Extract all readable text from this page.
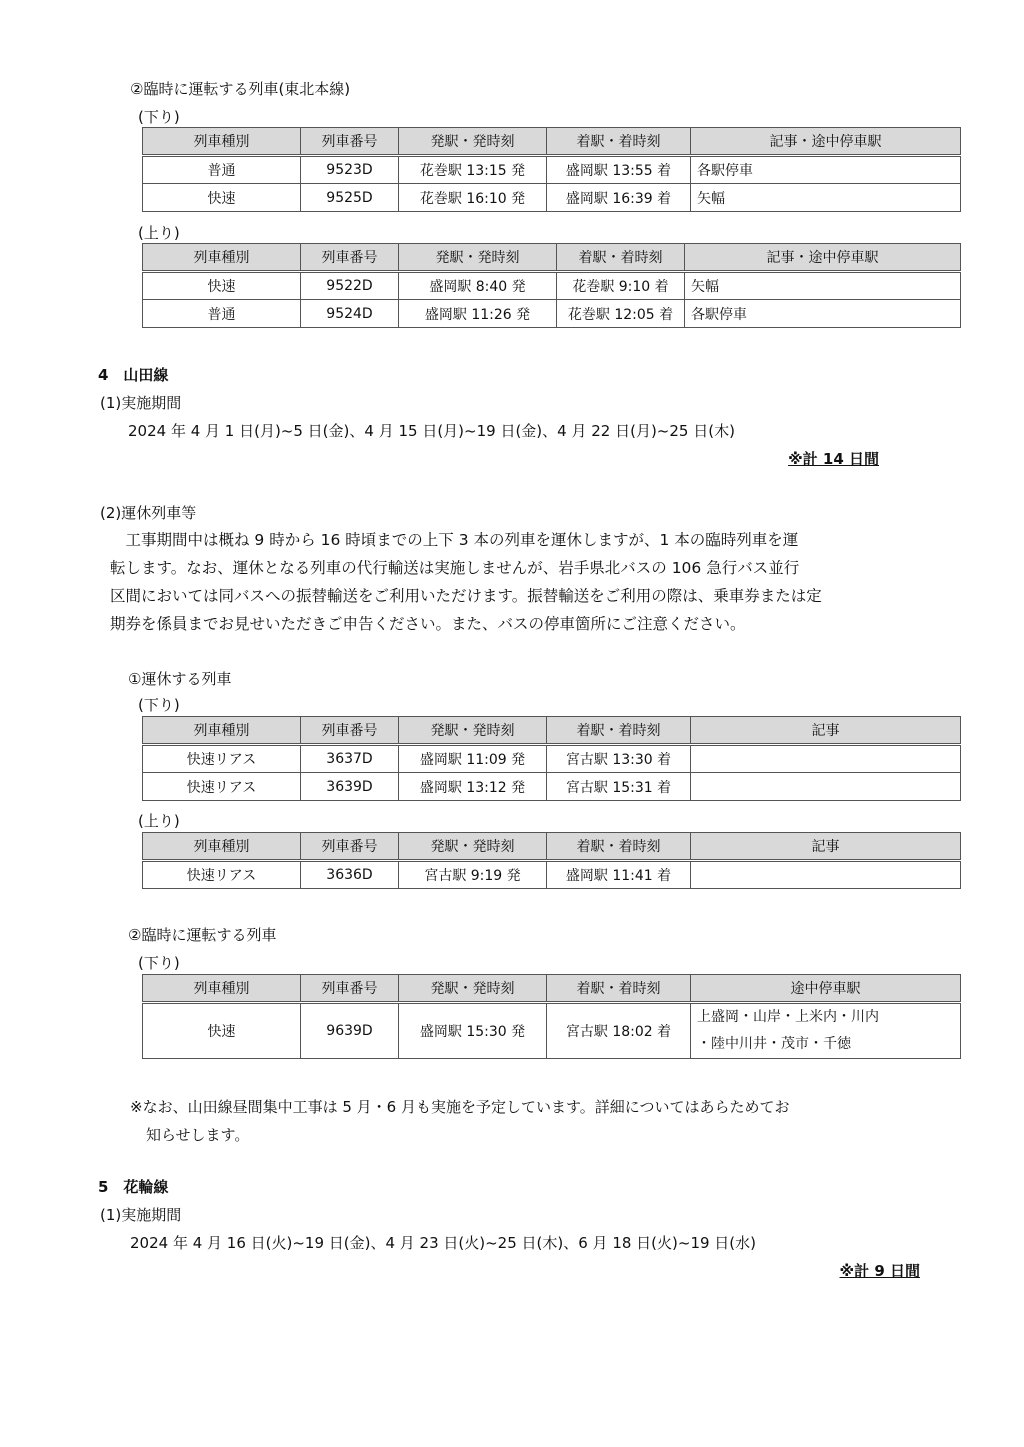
②臨時に運転する列車(東北本線)
(下り)
列車種別	列車番号	発駅・発時刻	着駅・着時刻	記事・途中停車駅
普通	9523D	花巻駅 13:15 発	盛岡駅 13:55 着	各駅停車
快速	9525D	花巻駅 16:10 発	盛岡駅 16:39 着	矢幅
(上り)
列車種別	列車番号	発駅・発時刻	着駅・着時刻	記事・途中停車駅
快速	9522D	盛岡駅 8:40 発	花巻駅 9:10 着	矢幅
普通	9524D	盛岡駅 11:26 発	花巻駅 12:05 着	各駅停車
4　山田線
(1)実施期間
2024 年 4 月 1 日(月)~5 日(金)、4 月 15 日(月)~19 日(金)、4 月 22 日(月)~25 日(木)
※計 14 日間
(2)運休列車等
　工事期間中は概ね 9 時から 16 時頃までの上下 3 本の列車を運休しますが、1 本の臨時列車を運
転します。なお、運休となる列車の代行輸送は実施しませんが、岩手県北バスの 106 急行バス並行
区間においては同バスへの振替輸送をご利用いただけます。振替輸送をご利用の際は、乗車券または定
期券を係員までお見せいただきご申告ください。また、バスの停車箇所にご注意ください。
①運休する列車
(下り)
列車種別	列車番号	発駅・発時刻	着駅・着時刻	記事
快速リアス	3637D	盛岡駅 11:09 発	宮古駅 13:30 着	
快速リアス	3639D	盛岡駅 13:12 発	宮古駅 15:31 着	
(上り)
列車種別	列車番号	発駅・発時刻	着駅・着時刻	記事
快速リアス	3636D	宮古駅 9:19 発	盛岡駅 11:41 着	
②臨時に運転する列車
(下り)
列車種別	列車番号	発駅・発時刻	着駅・着時刻	途中停車駅
快速	9639D	盛岡駅 15:30 発	宮古駅 18:02 着	上盛岡・山岸・上米内・川内
・陸中川井・茂市・千徳
※なお、山田線昼間集中工事は 5 月・6 月も実施を予定しています。詳細についてはあらためてお
知らせします。
5　花輪線
(1)実施期間
2024 年 4 月 16 日(火)~19 日(金)、4 月 23 日(火)~25 日(木)、6 月 18 日(火)~19 日(水)
※計 9 日間
